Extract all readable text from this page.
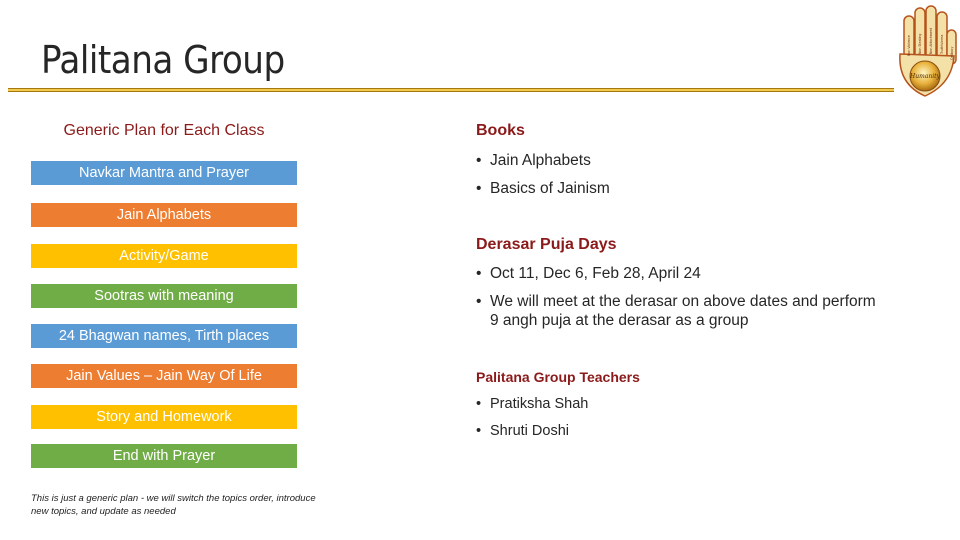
Palitana Group	Humanity
Non Violence Non Stealing Non Attachment Truthfulness Celibacy
Generic Plan for Each Class
Navkar Mantra and Prayer
Jain Alphabets
Activity/Game
Sootras with meaning
24 Bhagwan names, Tirth places
Jain Values – Jain Way Of Life
Story and Homework
End with Prayer
This is just a generic plan - we will switch the topics order, introduce new topics, and update as needed
Books
• Jain Alphabets
• Basics of Jainism
Derasar Puja Days
• Oct 11, Dec 6, Feb 28, April 24
• We will meet at the derasar on above dates and perform 9 angh puja at the derasar as a group
Palitana Group Teachers
• Pratiksha Shah
• Shruti Doshi
